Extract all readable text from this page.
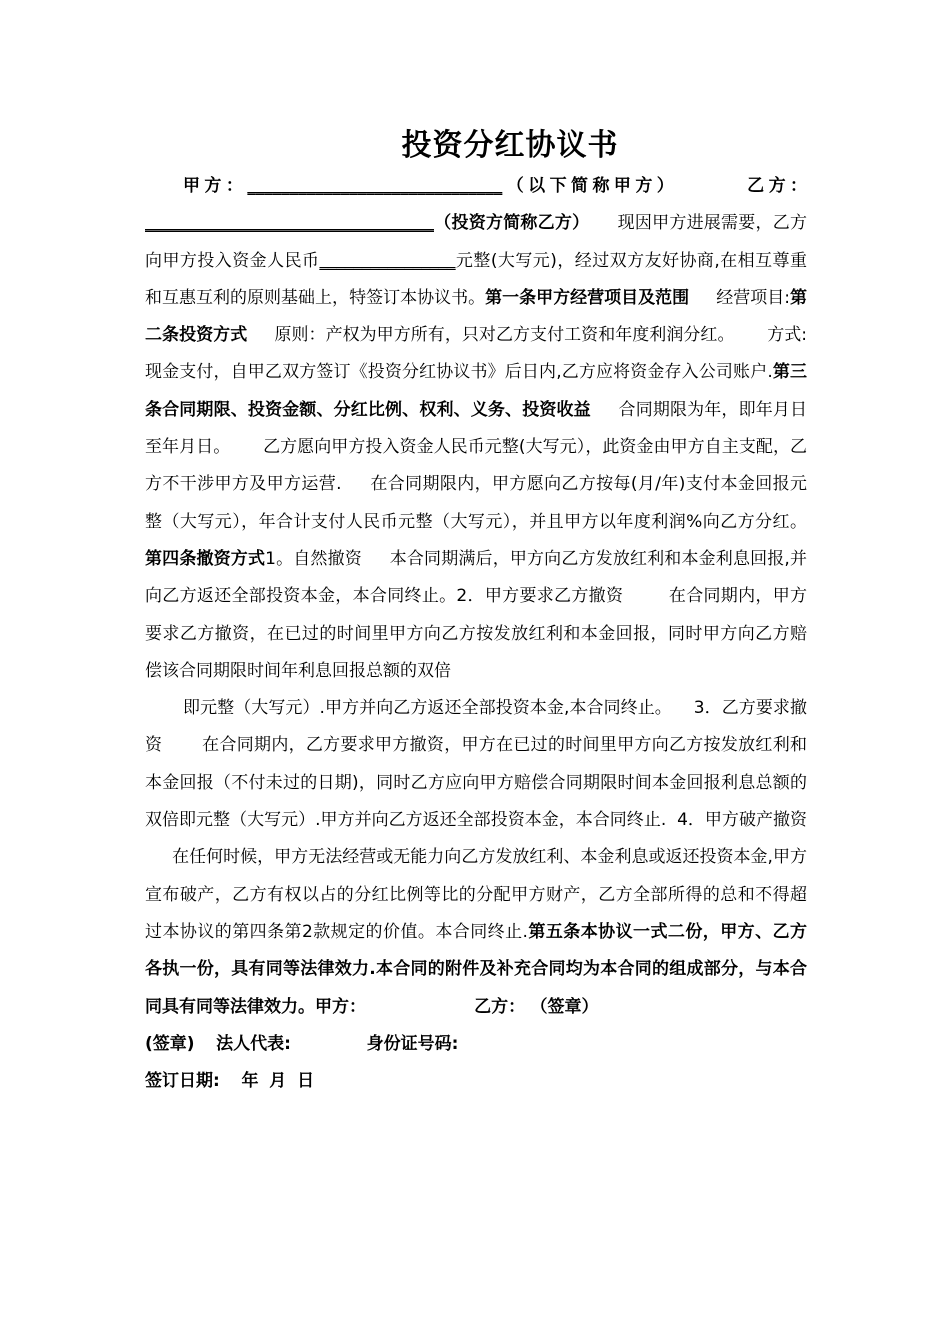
投资分红协议书

甲方：______________________________（以下简称甲方）	乙方：__________________________________（投资方简称乙方） 现因甲方进展需要，乙方向甲方投入资金人民币________________元整(大写元)，经过双方友好协商,在相互尊重和互惠互利的原则基础上，特签订本协议书。第一条甲方经营项目及范围 经营项目:第二条投资方式 原则：产权为甲方所有，只对乙方支付工资和年度利润分红。 方式:现金支付，自甲乙双方签订《投资分红协议书》后日内,乙方应将资金存入公司账户.第三条合同期限、投资金额、分红比例、权利、义务、投资收益 合同期限为年，即年月日至年月日。 乙方愿向甲方投入资金人民币元整(大写元），此资金由甲方自主支配，乙方不干涉甲方及甲方运营. 在合同期限内，甲方愿向乙方按每(月/年)支付本金回报元整（大写元），年合计支付人民币元整（大写元），并且甲方以年度利润%向乙方分红。第四条撤资方式1。自然撤资 本合同期满后，甲方向乙方发放红利和本金利息回报,并向乙方返还全部投资本金，本合同终止。2．甲方要求乙方撤资	在合同期内，甲方要求乙方撤资，在已过的时间里甲方向乙方按发放红利和本金回报，同时甲方向乙方赔偿该合同期限时间年利息回报总额的双倍

即元整（大写元）.甲方并向乙方返还全部投资本金,本合同终止。 3．乙方要求撤资 在合同期内，乙方要求甲方撤资，甲方在已过的时间里甲方向乙方按发放红利和本金回报（不付未过的日期)，同时乙方应向甲方赔偿合同期限时间本金回报利息总额的双倍即元整（大写元）.甲方并向乙方返还全部投资本金，本合同终止. 4．甲方破产撤资     在任何时候，甲方无法经营或无能力向乙方发放红利、本金利息或返还投资本金,甲方宣布破产，乙方有权以占的分红比例等比的分配甲方财产，乙方全部所得的总和不得超过本协议的第四条第2款规定的价值。本合同终止.第五条本协议一式二份，甲方、乙方各执一份，具有同等法律效力.本合同的附件及补充合同均为本合同的组成部分，与本合同具有同等法律效力。甲方：	乙方： （签章）

(签章) 法人代表:	身份证号码:

签订日期: 年 月 日
